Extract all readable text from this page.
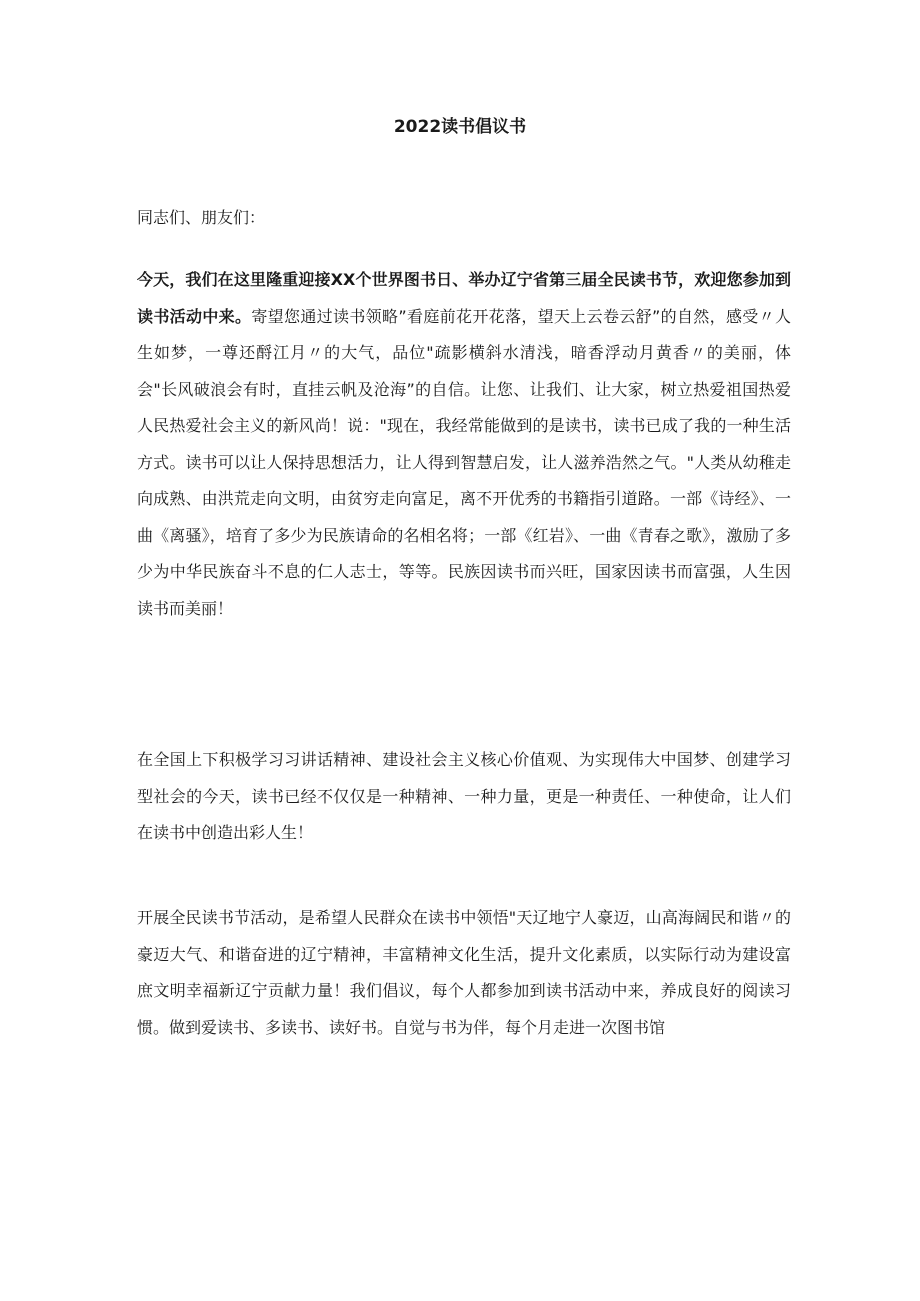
2022读书倡议书
同志们、朋友们：
今天，我们在这里隆重迎接XX个世界图书日、举办辽宁省第三届全民读书节，欢迎您参加到读书活动中来。寄望您通过读书领略”看庭前花开花落，望天上云卷云舒”的自然，感受〃人生如梦，一尊还酹江月〃的大气，品位"疏影横斜水清浅，暗香浮动月黄香〃的美丽，体会"长风破浪会有时，直挂云帆及沧海”的自信。让您、让我们、让大家，树立热爱祖国热爱人民热爱社会主义的新风尚！说："现在，我经常能做到的是读书，读书已成了我的一种生活方式。读书可以让人保持思想活力，让人得到智慧启发，让人滋养浩然之气。"人类从幼稚走向成熟、由洪荒走向文明，由贫穷走向富足，离不开优秀的书籍指引道路。一部《诗经》、一曲《离骚》，培育了多少为民族请命的名相名将；一部《红岩》、一曲《青春之歌》，激励了多少为中华民族奋斗不息的仁人志士，等等。民族因读书而兴旺，国家因读书而富强，人生因读书而美丽！
在全国上下积极学习习讲话精神、建设社会主义核心价值观、为实现伟大中国梦、创建学习型社会的今天，读书已经不仅仅是一种精神、一种力量，更是一种责任、一种使命，让人们在读书中创造出彩人生！
开展全民读书节活动，是希望人民群众在读书中领悟"天辽地宁人豪迈，山高海阔民和谐〃的豪迈大气、和谐奋进的辽宁精神，丰富精神文化生活，提升文化素质，以实际行动为建设富庶文明幸福新辽宁贡献力量！我们倡议，每个人都参加到读书活动中来，养成良好的阅读习惯。做到爱读书、多读书、读好书。自觉与书为伴，每个月走进一次图书馆
